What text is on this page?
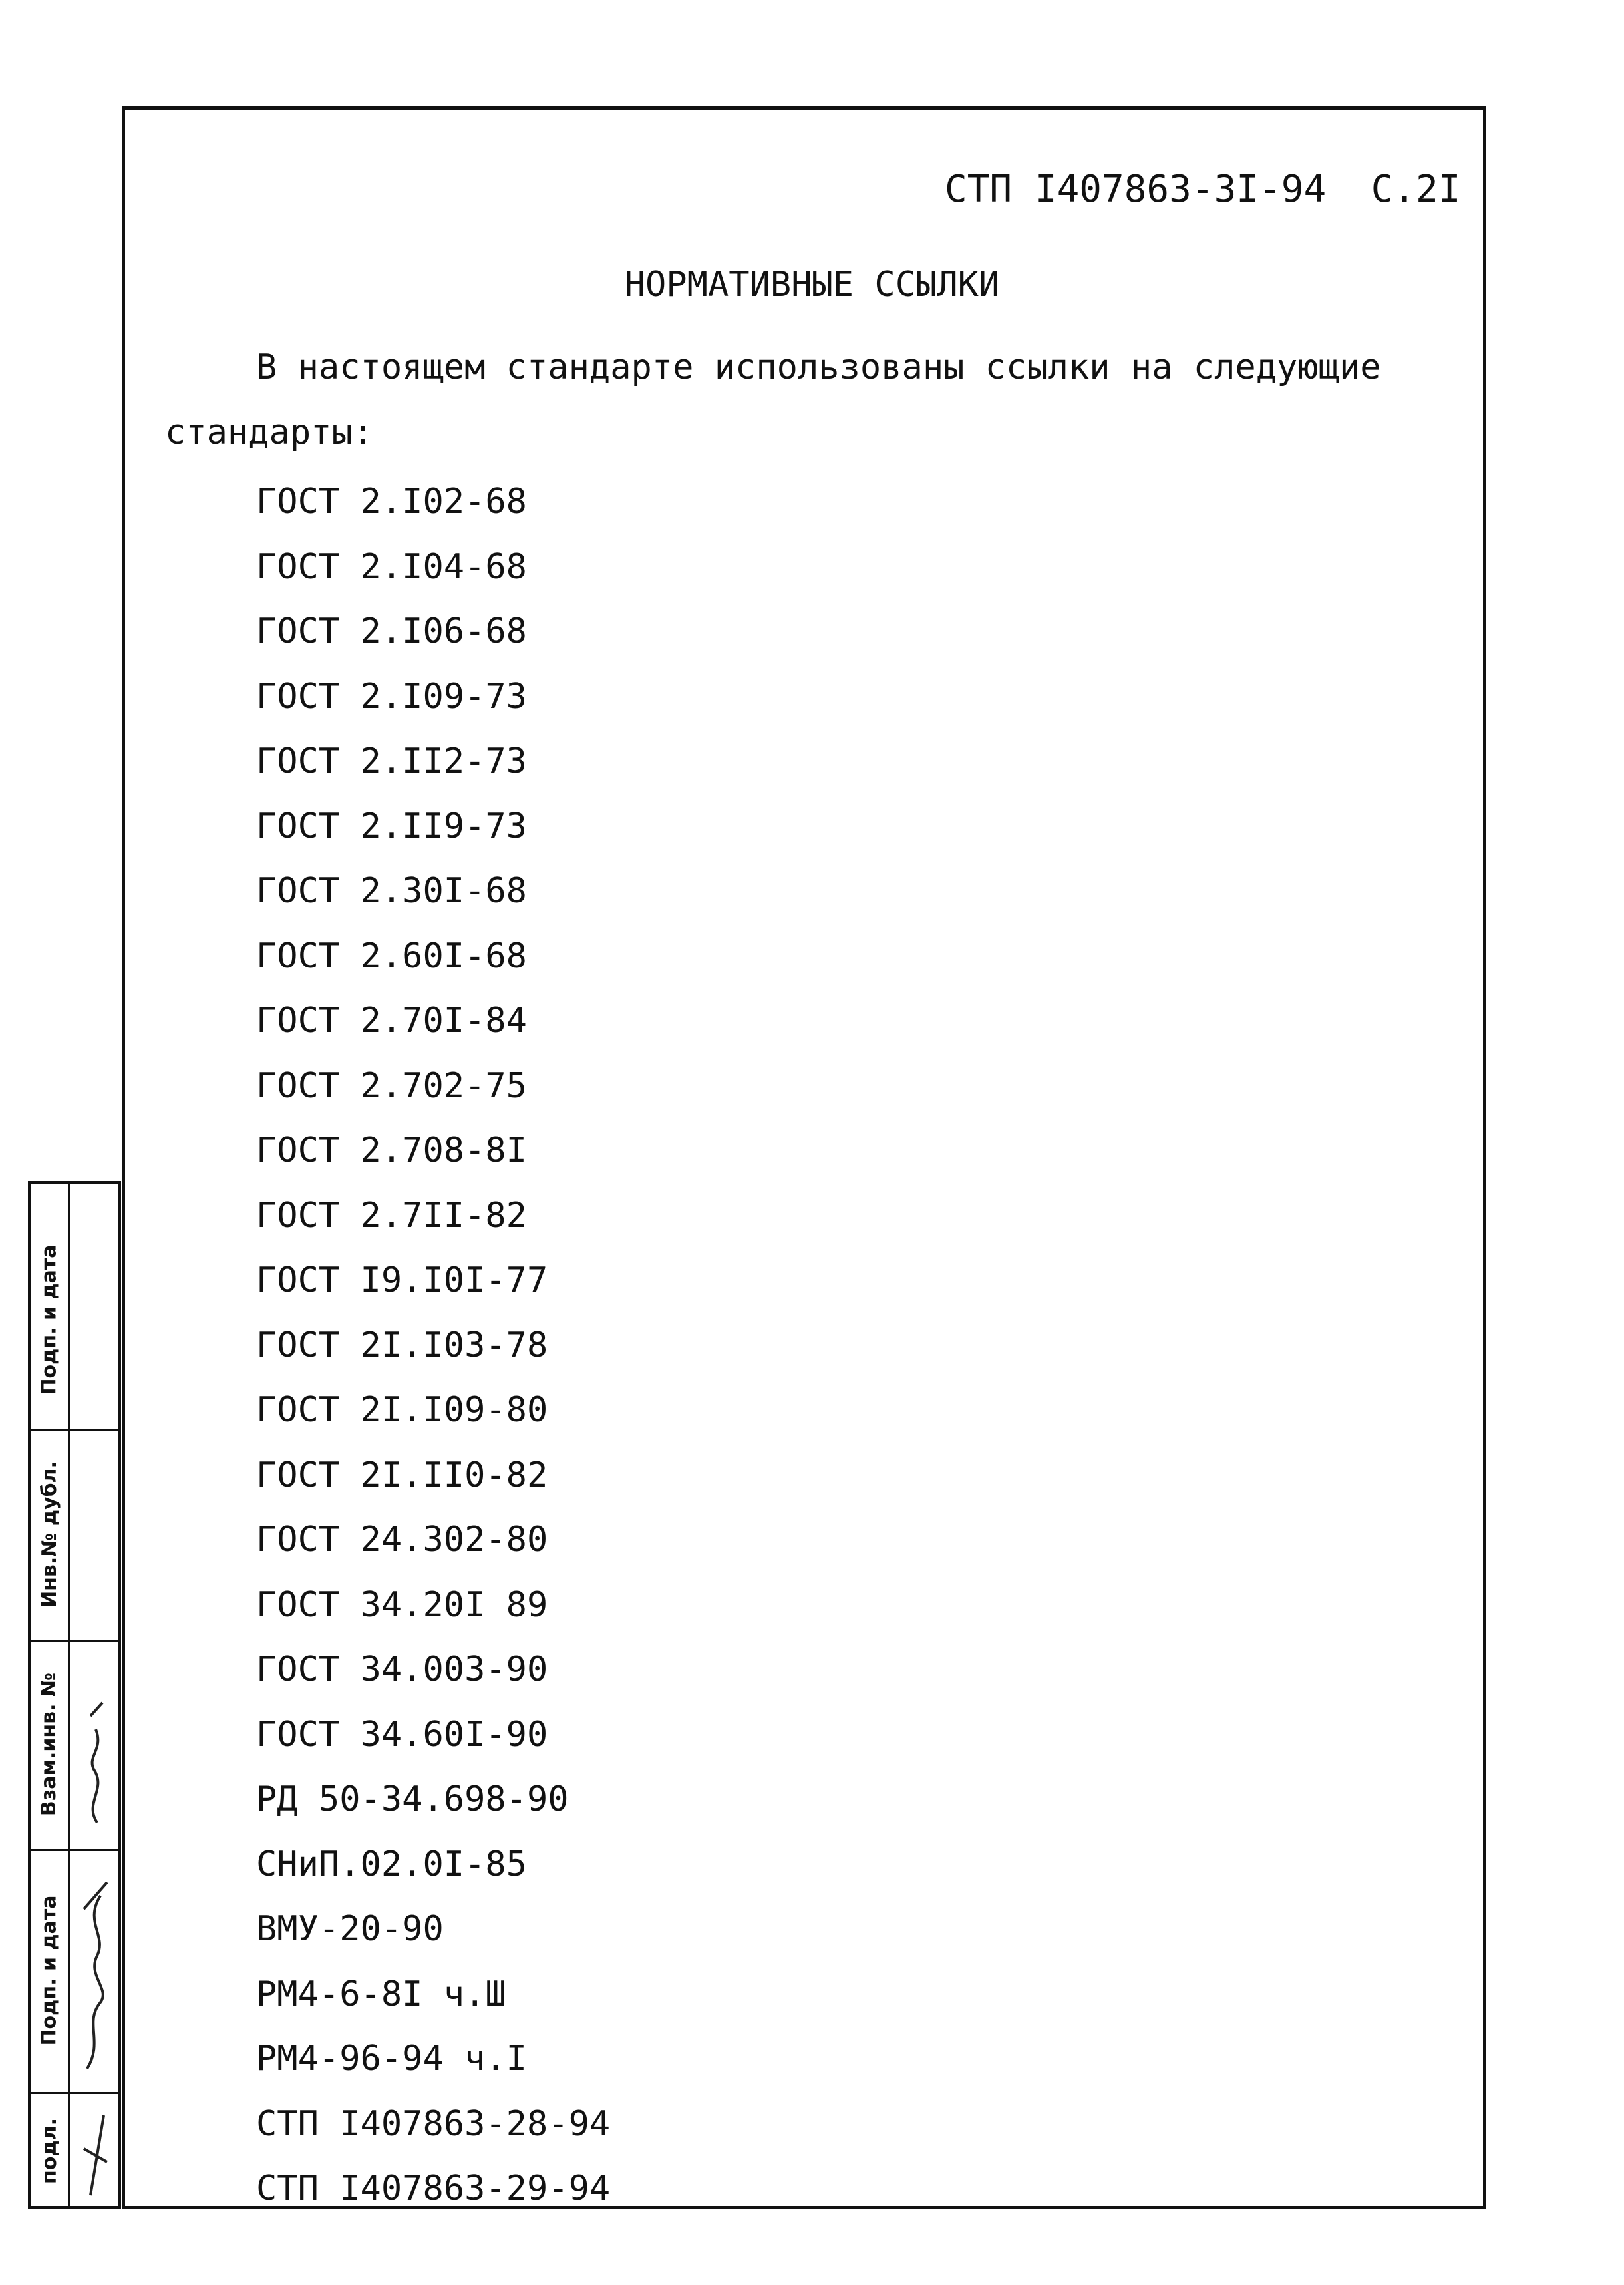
СТП I407863-3I-94 С.2I
НОРМАТИВНЫЕ ССЫЛКИ
В настоящем стандарте использованы ссылки на следующие
стандарты:
ГОСТ 2.I02-68
ГОСТ 2.I04-68
ГОСТ 2.I06-68
ГОСТ 2.I09-73
ГОСТ 2.II2-73
ГОСТ 2.II9-73
ГОСТ 2.30I-68
ГОСТ 2.60I-68
ГОСТ 2.70I-84
ГОСТ 2.702-75
ГОСТ 2.708-8I
ГОСТ 2.7II-82
ГОСТ I9.I0I-77
ГОСТ 2I.I03-78
ГОСТ 2I.I09-80
ГОСТ 2I.II0-82
ГОСТ 24.302-80
ГОСТ 34.20I 89
ГОСТ 34.003-90
ГОСТ 34.60I-90
РД 50-34.698-90
СНиП.02.0I-85
ВМУ-20-90
РМ4-6-8I ч.Ш
РМ4-96-94 ч.I
СТП I407863-28-94
СТП I407863-29-94
Подп. и дата
Инв.№ дубл.
Взам.инв. №
Подп. и дата
подл.
